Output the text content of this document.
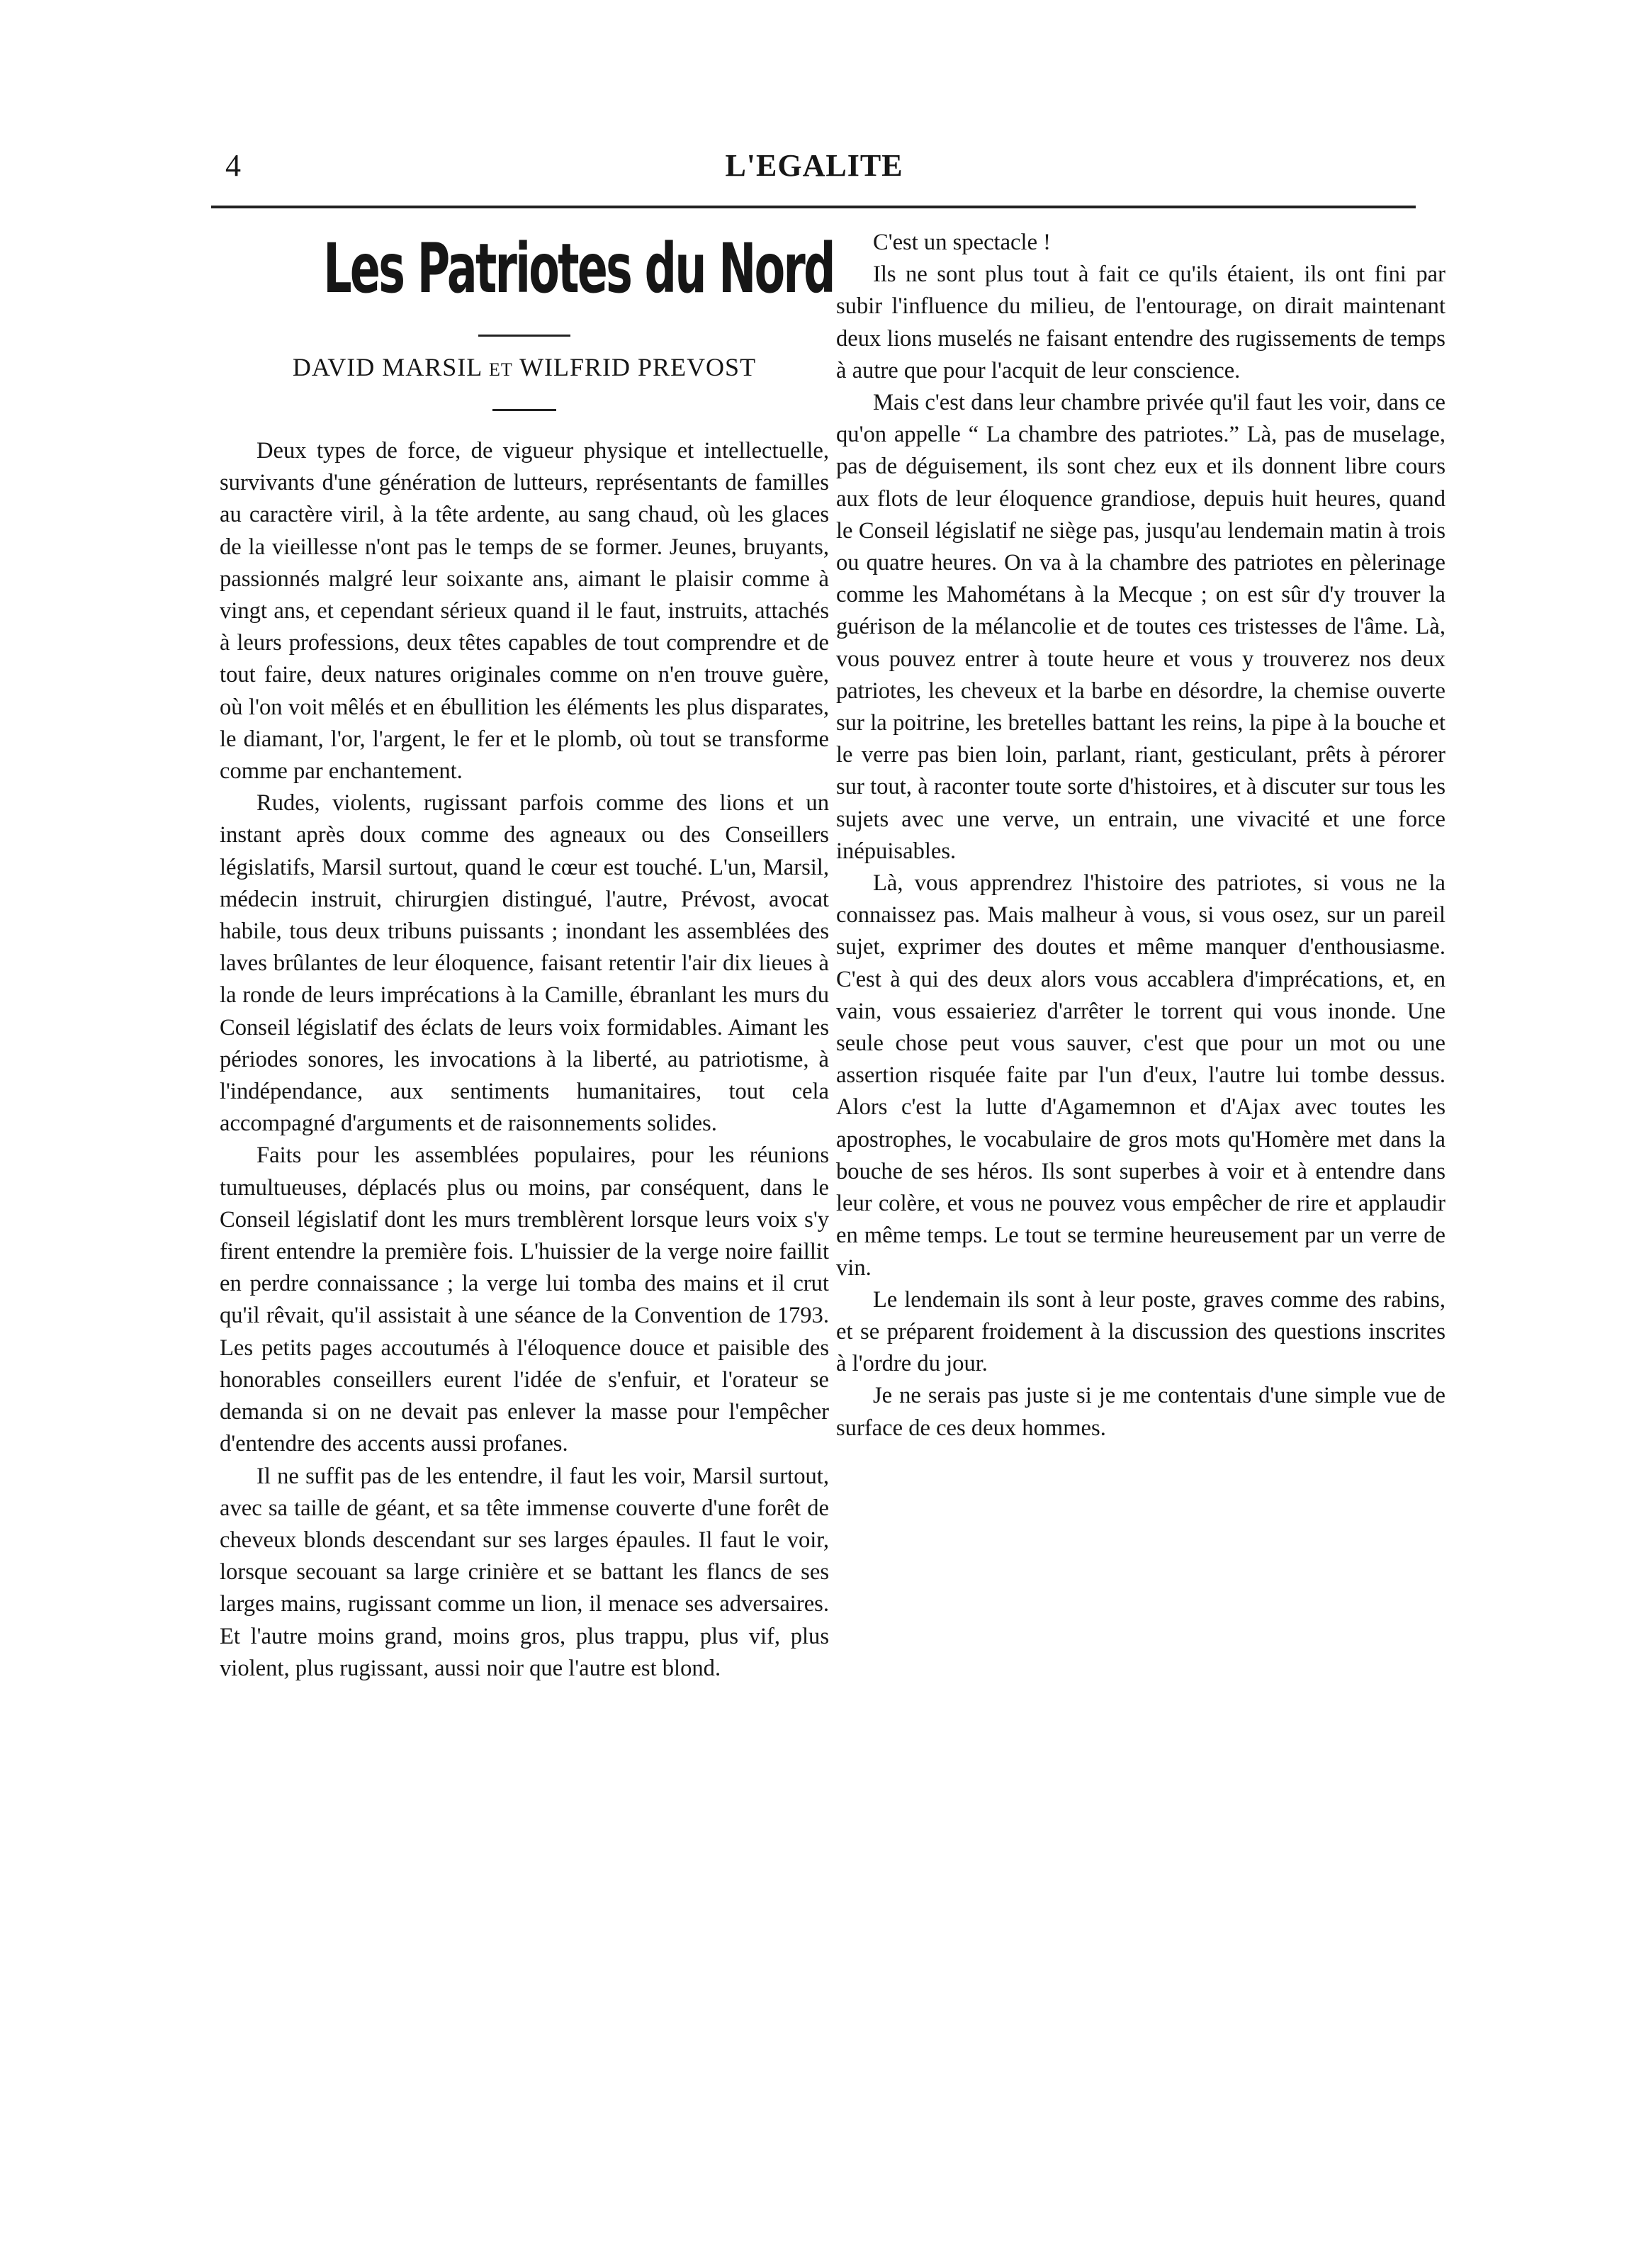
4	L'EGALITE
Les Patriotes du Nord
DAVID MARSIL ET WILFRID PREVOST

Deux types de force, de vigueur physique et intellectuelle, survivants d'une génération de lutteurs, représentants de familles au caractère viril, à la tête ardente, au sang chaud, où les glaces de la vieillesse n'ont pas le temps de se former. Jeunes, bruyants, passionnés malgré leur soixante ans, aimant le plaisir comme à vingt ans, et cependant sérieux quand il le faut, instruits, attachés à leurs professions, deux têtes capables de tout comprendre et de tout faire, deux natures originales comme on n'en trouve guère, où l'on voit mêlés et en ébullition les éléments les plus disparates, le diamant, l'or, l'argent, le fer et le plomb, où tout se transforme comme par enchantement.

Rudes, violents, rugissant parfois comme des lions et un instant après doux comme des agneaux ou des Conseillers législatifs, Marsil surtout, quand le cœur est touché. L'un, Marsil, médecin instruit, chirurgien distingué, l'autre, Prévost, avocat habile, tous deux tribuns puissants ; inondant les assemblées des laves brûlantes de leur éloquence, faisant retentir l'air dix lieues à la ronde de leurs imprécations à la Camille, ébranlant les murs du Conseil législatif des éclats de leurs voix formidables. Aimant les périodes sonores, les invocations à la liberté, au patriotisme, à l'indépendance, aux sentiments humanitaires, tout cela accompagné d'arguments et de raisonnements solides.

Faits pour les assemblées populaires, pour les réunions tumultueuses, déplacés plus ou moins, par conséquent, dans le Conseil législatif dont les murs tremblèrent lorsque leurs voix s'y firent entendre la première fois. L'huissier de la verge noire faillit en perdre connaissance ; la verge lui tomba des mains et il crut qu'il rêvait, qu'il assistait à une séance de la Convention de 1793. Les petits pages accoutumés à l'éloquence douce et paisible des honorables conseillers eurent l'idée de s'enfuir, et l'orateur se demanda si on ne devait pas enlever la masse pour l'empêcher d'entendre des accents aussi profanes.

Il ne suffit pas de les entendre, il faut les voir, Marsil surtout, avec sa taille de géant, et sa tête immense couverte d'une forêt de cheveux blonds descendant sur ses larges épaules. Il faut le voir, lorsque secouant sa large crinière et se battant les flancs de ses larges mains, rugissant comme un lion, il menace ses adversaires. Et l'autre moins grand, moins gros, plus trappu, plus vif, plus violent, plus rugissant, aussi noir que l'autre est blond.

C'est un spectacle !

Ils ne sont plus tout à fait ce qu'ils étaient, ils ont fini par subir l'influence du milieu, de l'entourage, on dirait maintenant deux lions muselés ne faisant entendre des rugissements de temps à autre que pour l'acquit de leur conscience.

Mais c'est dans leur chambre privée qu'il faut les voir, dans ce qu'on appelle “ La chambre des patriotes.” Là, pas de muselage, pas de déguisement, ils sont chez eux et ils donnent libre cours aux flots de leur éloquence grandiose, depuis huit heures, quand le Conseil législatif ne siège pas, jusqu'au lendemain matin à trois ou quatre heures. On va à la chambre des patriotes en pèlerinage comme les Mahométans à la Mecque ; on est sûr d'y trouver la guérison de la mélancolie et de toutes ces tristesses de l'âme. Là, vous pouvez entrer à toute heure et vous y trouverez nos deux patriotes, les cheveux et la barbe en désordre, la chemise ouverte sur la poitrine, les bretelles battant les reins, la pipe à la bouche et le verre pas bien loin, parlant, riant, gesticulant, prêts à pérorer sur tout, à raconter toute sorte d'histoires, et à discuter sur tous les sujets avec une verve, un entrain, une vivacité et une force inépuisables.

Là, vous apprendrez l'histoire des patriotes, si vous ne la connaissez pas. Mais malheur à vous, si vous osez, sur un pareil sujet, exprimer des doutes et même manquer d'enthousiasme. C'est à qui des deux alors vous accablera d'imprécations, et, en vain, vous essaieriez d'arrêter le torrent qui vous inonde. Une seule chose peut vous sauver, c'est que pour un mot ou une assertion risquée faite par l'un d'eux, l'autre lui tombe dessus. Alors c'est la lutte d'Agamemnon et d'Ajax avec toutes les apostrophes, le vocabulaire de gros mots qu'Homère met dans la bouche de ses héros. Ils sont superbes à voir et à entendre dans leur colère, et vous ne pouvez vous empêcher de rire et applaudir en même temps. Le tout se termine heureusement par un verre de vin.

Le lendemain ils sont à leur poste, graves comme des rabins, et se préparent froidement à la discussion des questions inscrites à l'ordre du jour.

Je ne serais pas juste si je me contentais d'une simple vue de surface de ces deux hommes.
